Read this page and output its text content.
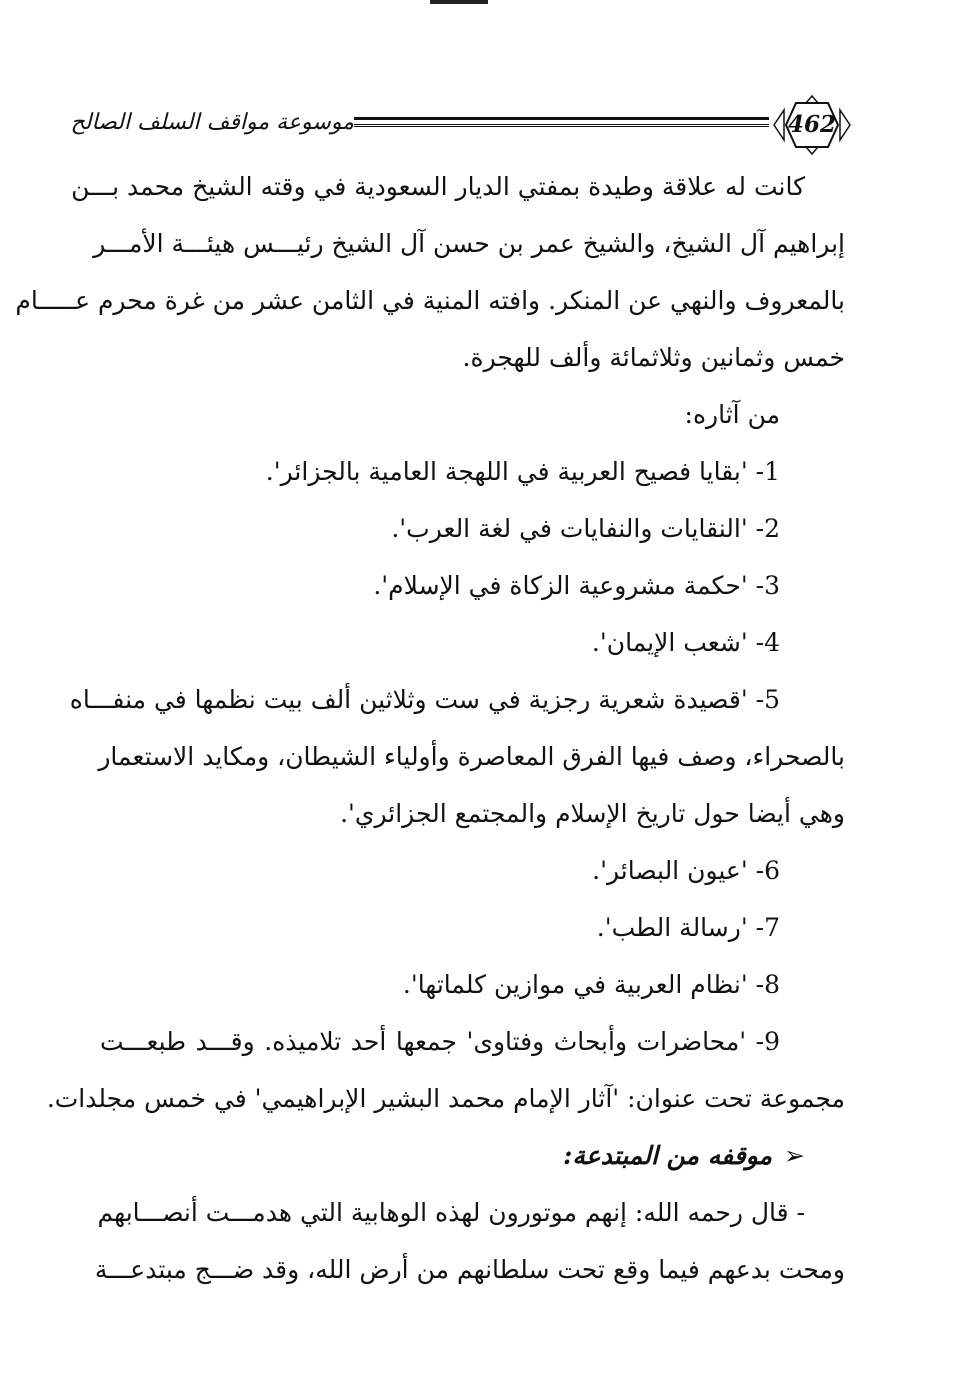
موسوعة مواقف السلف الصالح	462
كانت له علاقة وطيدة بمفتي الديار السعودية في وقته الشيخ محمد بـــن
إبراهيم آل الشيخ، والشيخ عمر بن حسن آل الشيخ رئيـــس هيئـــة الأمـــر
بالمعروف والنهي عن المنكر. وافته المنية في الثامن عشر من غرة محرم عـــــام
خمس وثمانين وثلاثمائة وألف للهجرة.
من آثاره:
1- 'بقايا فصيح العربية في اللهجة العامية بالجزائر'.
2- 'النقايات والنفايات في لغة العرب'.
3- 'حكمة مشروعية الزكاة في الإسلام'.
4- 'شعب الإيمان'.
5- 'قصيدة شعرية رجزية في ست وثلاثين ألف بيت نظمها في منفـــاه
بالصحراء، وصف فيها الفرق المعاصرة وأولياء الشيطان، ومكايد الاستعمار
وهي أيضا حول تاريخ الإسلام والمجتمع الجزائري'.
6- 'عيون البصائر'.
7- 'رسالة الطب'.
8- 'نظام العربية في موازين كلماتها'.
9- 'محاضرات وأبحاث وفتاوى' جمعها أحد تلاميذه. وقـــد طبعـــت
مجموعة تحت عنوان: 'آثار الإمام محمد البشير الإبراهيمي' في خمس مجلدات.
➢موقفه من المبتدعة:
- قال رحمه الله: إنهم موتورون لهذه الوهابية التي هدمـــت أنصـــابهم
ومحت بدعهم فيما وقع تحت سلطانهم من أرض الله، وقد ضـــج مبتدعـــة
